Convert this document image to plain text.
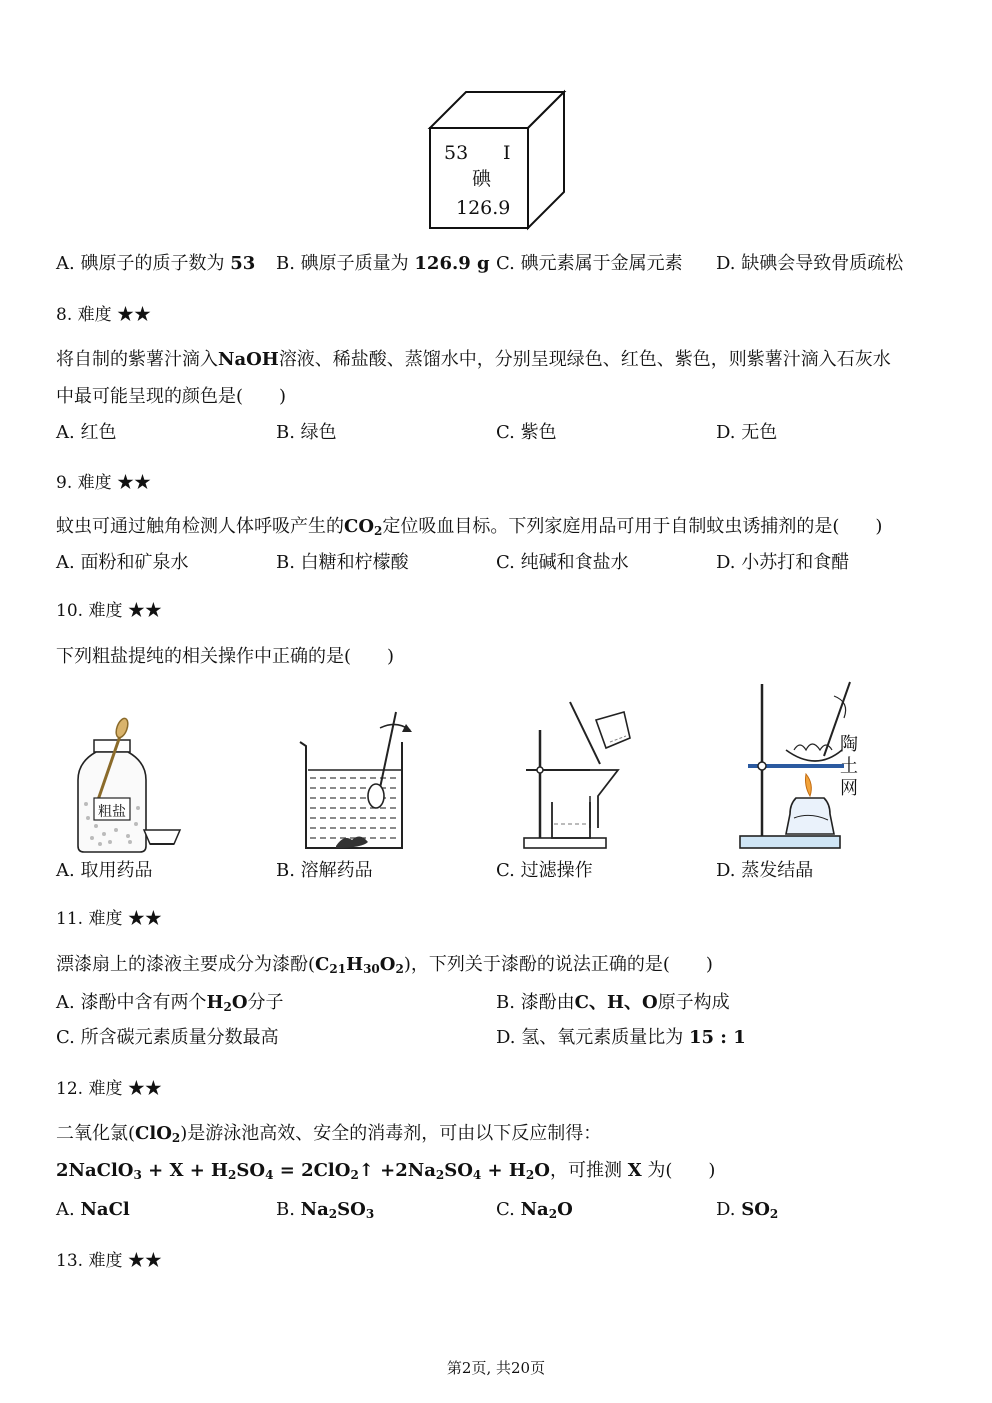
53 I
碘
126.9
A. 碘原子的质子数为 53 B. 碘原子质量为 126.9 g C. 碘元素属于金属元素 D. 缺碘会导致骨质疏松
8. 难度 ★★
将自制的紫薯汁滴入NaOH溶液、稀盐酸、蒸馏水中，分别呈现绿色、红色、紫色，则紫薯汁滴入石灰水
中最可能呈现的颜色是(　　)
A. 红色	B. 绿色	C. 紫色	D. 无色
9. 难度 ★★
蚊虫可通过触角检测人体呼吸产生的$CO_2$定位吸血目标。下列家庭用品可用于自制蚊虫诱捕剂的是(　　)
A. 面粉和矿泉水	B. 白糖和柠檬酸	C. 纯碱和食盐水	D. 小苏打和食醋
10. 难度 ★★
下列粗盐提纯的相关操作中正确的是(　　)
粗盐
陶
土
网
A. 取用药品	B. 溶解药品	C. 过滤操作	D. 蒸发结晶
11. 难度 ★★
漂漆扇上的漆液主要成分为漆酚$(C_{21}H_{30}O_2)$，下列关于漆酚的说法正确的是(　　)
A. 漆酚中含有两个$H_2O$分子	B. 漆酚由C、H、O原子构成
C. 所含碳元素质量分数最高	D. 氢、氧元素质量比为 15 : 1
12. 难度 ★★
二氧化氯(ClO$_2$)是游泳池高效、安全的消毒剂，可由以下反应制得：
2NaClO$_3$ + $X + H_2SO_4$ = 2ClO$_2$↑ $+2Na_2SO_4 + H_2O$，可推测 X 为(　　)
A. NaCl	B. $Na_2SO_3$	C. $Na_2O$	D. $SO_2$
13. 难度 ★★
第2页, 共20页
